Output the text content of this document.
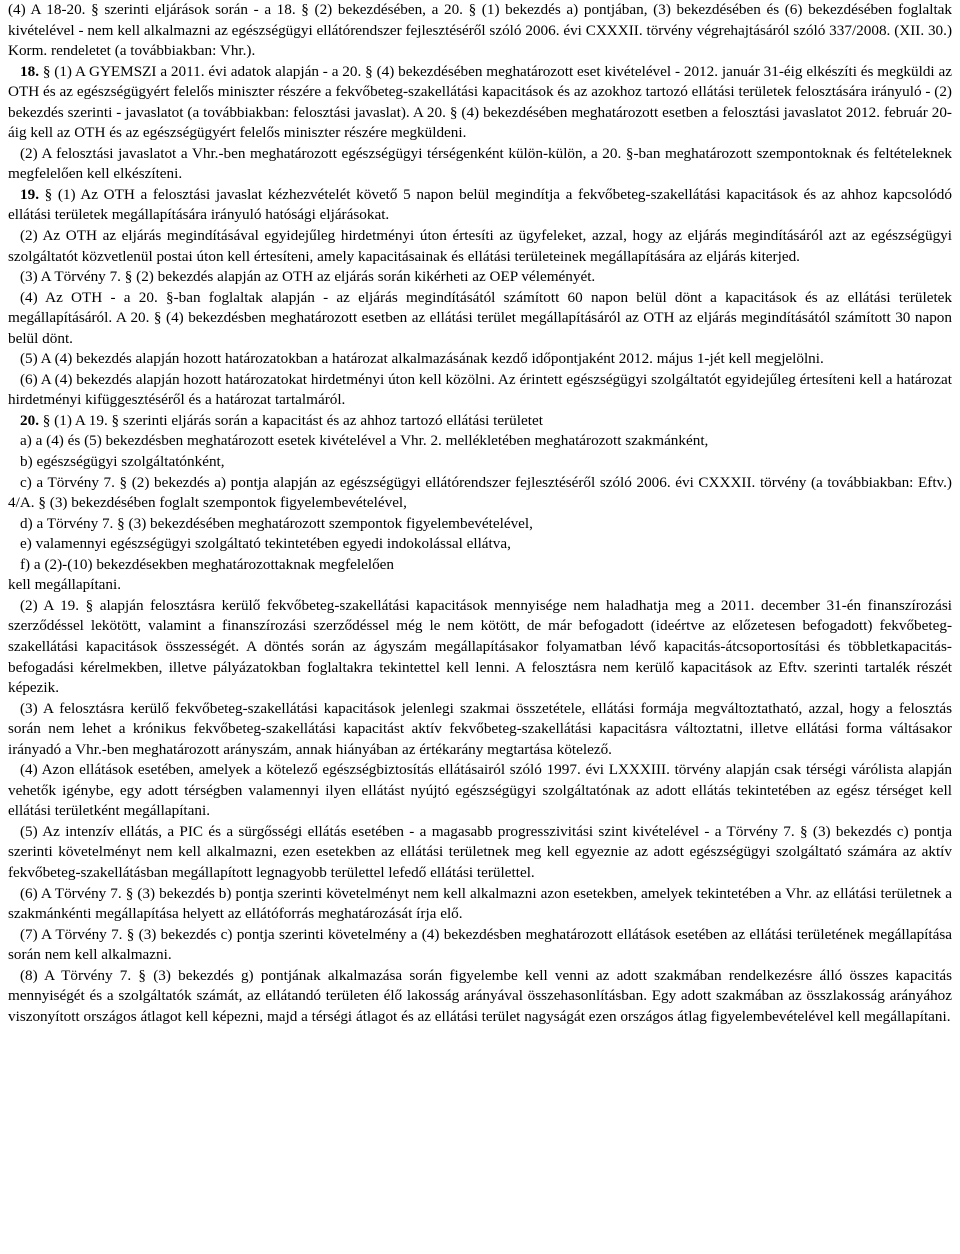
(4) A 18-20. § szerinti eljárások során - a 18. § (2) bekezdésében, a 20. § (1) bekezdés a) pontjában, (3) bekezdésében és (6) bekezdésében foglaltak kivételével - nem kell alkalmazni az egészségügyi ellátórendszer fejlesztéséről szóló 2006. évi CXXXII. törvény végrehajtásáról szóló 337/2008. (XII. 30.) Korm. rendeletet (a továbbiakban: Vhr.).

18. § (1) A GYEMSZI a 2011. évi adatok alapján - a 20. § (4) bekezdésében meghatározott eset kivételével - 2012. január 31-éig elkészíti és megküldi az OTH és az egészségügyért felelős miniszter részére a fekvőbeteg-szakellátási kapacitások és az azokhoz tartozó ellátási területek felosztására irányuló - (2) bekezdés szerinti - javaslatot (a továbbiakban: felosztási javaslat). A 20. § (4) bekezdésében meghatározott esetben a felosztási javaslatot 2012. február 20-áig kell az OTH és az egészségügyért felelős miniszter részére megküldeni.

(2) A felosztási javaslatot a Vhr.-ben meghatározott egészségügyi térségenként külön-külön, a 20. §-ban meghatározott szempontoknak és feltételeknek megfelelően kell elkészíteni.

19. § (1) Az OTH a felosztási javaslat kézhezvételét követő 5 napon belül megindítja a fekvőbeteg-szakellátási kapacitások és az ahhoz kapcsolódó ellátási területek megállapítására irányuló hatósági eljárásokat.

(2) Az OTH az eljárás megindításával egyidejűleg hirdetményi úton értesíti az ügyfeleket, azzal, hogy az eljárás megindításáról azt az egészségügyi szolgáltatót közvetlenül postai úton kell értesíteni, amely kapacitásainak és ellátási területeinek megállapítására az eljárás kiterjed.

(3) A Törvény 7. § (2) bekezdés alapján az OTH az eljárás során kikérheti az OEP véleményét.

(4) Az OTH - a 20. §-ban foglaltak alapján - az eljárás megindításától számított 60 napon belül dönt a kapacitások és az ellátási területek megállapításáról. A 20. § (4) bekezdésben meghatározott esetben az ellátási terület megállapításáról az OTH az eljárás megindításától számított 30 napon belül dönt.

(5) A (4) bekezdés alapján hozott határozatokban a határozat alkalmazásának kezdő időpontjaként 2012. május 1-jét kell megjelölni.

(6) A (4) bekezdés alapján hozott határozatokat hirdetményi úton kell közölni. Az érintett egészségügyi szolgáltatót egyidejűleg értesíteni kell a határozat hirdetményi kifüggesztéséről és a határozat tartalmáról.

20. § (1) A 19. § szerinti eljárás során a kapacitást és az ahhoz tartozó ellátási területet

a) a (4) és (5) bekezdésben meghatározott esetek kivételével a Vhr. 2. mellékletében meghatározott szakmánként,

b) egészségügyi szolgáltatónként,

c) a Törvény 7. § (2) bekezdés a) pontja alapján az egészségügyi ellátórendszer fejlesztéséről szóló 2006. évi CXXXII. törvény (a továbbiakban: Eftv.) 4/A. § (3) bekezdésében foglalt szempontok figyelembevételével,

d) a Törvény 7. § (3) bekezdésében meghatározott szempontok figyelembevételével,

e) valamennyi egészségügyi szolgáltató tekintetében egyedi indokolással ellátva,

f) a (2)-(10) bekezdésekben meghatározottaknak megfelelően

kell megállapítani.

(2) A 19. § alapján felosztásra kerülő fekvőbeteg-szakellátási kapacitások mennyisége nem haladhatja meg a 2011. december 31-én finanszírozási szerződéssel lekötött, valamint a finanszírozási szerződéssel még le nem kötött, de már befogadott (ideértve az előzetesen befogadott) fekvőbeteg-szakellátási kapacitások összességét. A döntés során az ágyszám megállapításakor folyamatban lévő kapacitás-átcsoportosítási és többletkapacitás-befogadási kérelmekben, illetve pályázatokban foglaltakra tekintettel kell lenni. A felosztásra nem kerülő kapacitások az Eftv. szerinti tartalék részét képezik.

(3) A felosztásra kerülő fekvőbeteg-szakellátási kapacitások jelenlegi szakmai összetétele, ellátási formája megváltoztatható, azzal, hogy a felosztás során nem lehet a krónikus fekvőbeteg-szakellátási kapacitást aktív fekvőbeteg-szakellátási kapacitásra változtatni, illetve ellátási forma váltásakor irányadó a Vhr.-ben meghatározott arányszám, annak hiányában az értékarány megtartása kötelező.

(4) Azon ellátások esetében, amelyek a kötelező egészségbiztosítás ellátásairól szóló 1997. évi LXXXIII. törvény alapján csak térségi várólista alapján vehetők igénybe, egy adott térségben valamennyi ilyen ellátást nyújtó egészségügyi szolgáltatónak az adott ellátás tekintetében az egész térséget kell ellátási területként megállapítani.

(5) Az intenzív ellátás, a PIC és a sürgősségi ellátás esetében - a magasabb progresszivitási szint kivételével - a Törvény 7. § (3) bekezdés c) pontja szerinti követelményt nem kell alkalmazni, ezen esetekben az ellátási területnek meg kell egyeznie az adott egészségügyi szolgáltató számára az aktív fekvőbeteg-szakellátásban megállapított legnagyobb területtel lefedő ellátási területtel.

(6) A Törvény 7. § (3) bekezdés b) pontja szerinti követelményt nem kell alkalmazni azon esetekben, amelyek tekintetében a Vhr. az ellátási területnek a szakmánkénti megállapítása helyett az ellátóforrás meghatározását írja elő.

(7) A Törvény 7. § (3) bekezdés c) pontja szerinti követelmény a (4) bekezdésben meghatározott ellátások esetében az ellátási területének megállapítása során nem kell alkalmazni.

(8) A Törvény 7. § (3) bekezdés g) pontjának alkalmazása során figyelembe kell venni az adott szakmában rendelkezésre álló összes kapacitás mennyiségét és a szolgáltatók számát, az ellátandó területen élő lakosság arányával összehasonlításban. Egy adott szakmában az összlakosság arányához viszonyított országos átlagot kell képezni, majd a térségi átlagot és az ellátási terület nagyságát ezen országos átlag figyelembevételével kell megállapítani.
